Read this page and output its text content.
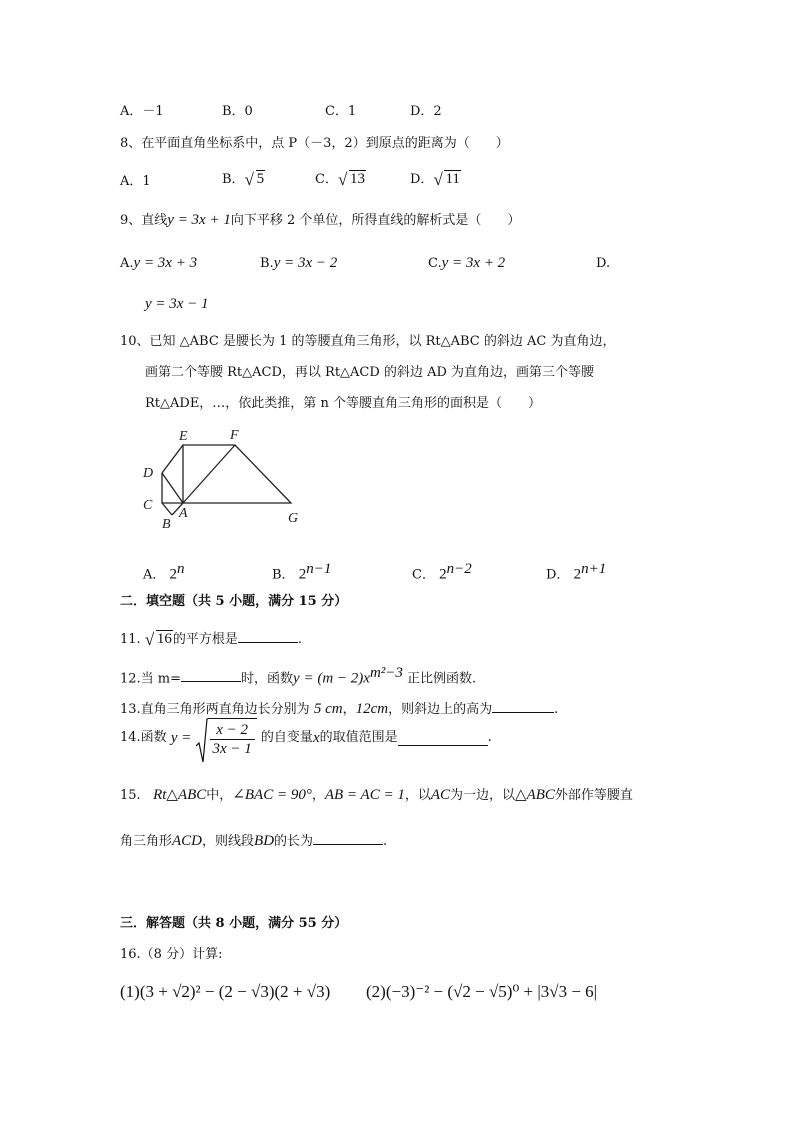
A．－1	B．0	C．1	D．2
8、在平面直角坐标系中，点 P（－3，2）到原点的距离为（　　）
A．1	B． √ 5	C． √ 13	D． √ 11
9、直线y = 3x + 1向下平移 2 个单位，所得直线的解析式是（　　）
A.y = 3x + 3	B.y = 3x − 2	C.y = 3x + 2	D.
y = 3x − 1
10、已知 △ABC 是腰长为 1 的等腰直角三角形，以 Rt△ABC 的斜边 AC 为直角边，
画第二个等腰 Rt△ACD，再以 Rt△ACD 的斜边 AD 为直角边，画第三个等腰
Rt△ADE，…，依此类推，第 n 个等腰直角三角形的面积是（　　）
E	F
D
C
A
B	G
A． 2$^n$	B． $2^{n-1}$	C． $2^{n-2}$	D． $2^{n+1}$
二．填空题（共 5 小题，满分 15 分）
11. √ 16的平方根是	.
12.当 m=	时，函数$y = (m - 2)x^{m^2-3}$ 正比例函数.
13.直角三角形两直角边长分别为 5 cm，12cm，则斜边上的高为	.
14.函数 $y = \frac{x - 2}{3x - 1}$ 的自变量x的取值范围是	.
15. Rt△ABC中，∠BAC = 90°，AB = AC = 1，以AC为一边，以△ABC外部作等腰直
角三角形ACD，则线段BD的长为	.
三．解答题（共 8 小题，满分 55 分）
16.（8 分）计算:
(1)(3 + √2)² − (2 − √3)(2 + √3) (2)(−3)⁻² − (√2 − √5)⁰ + |3√3 − 6|
